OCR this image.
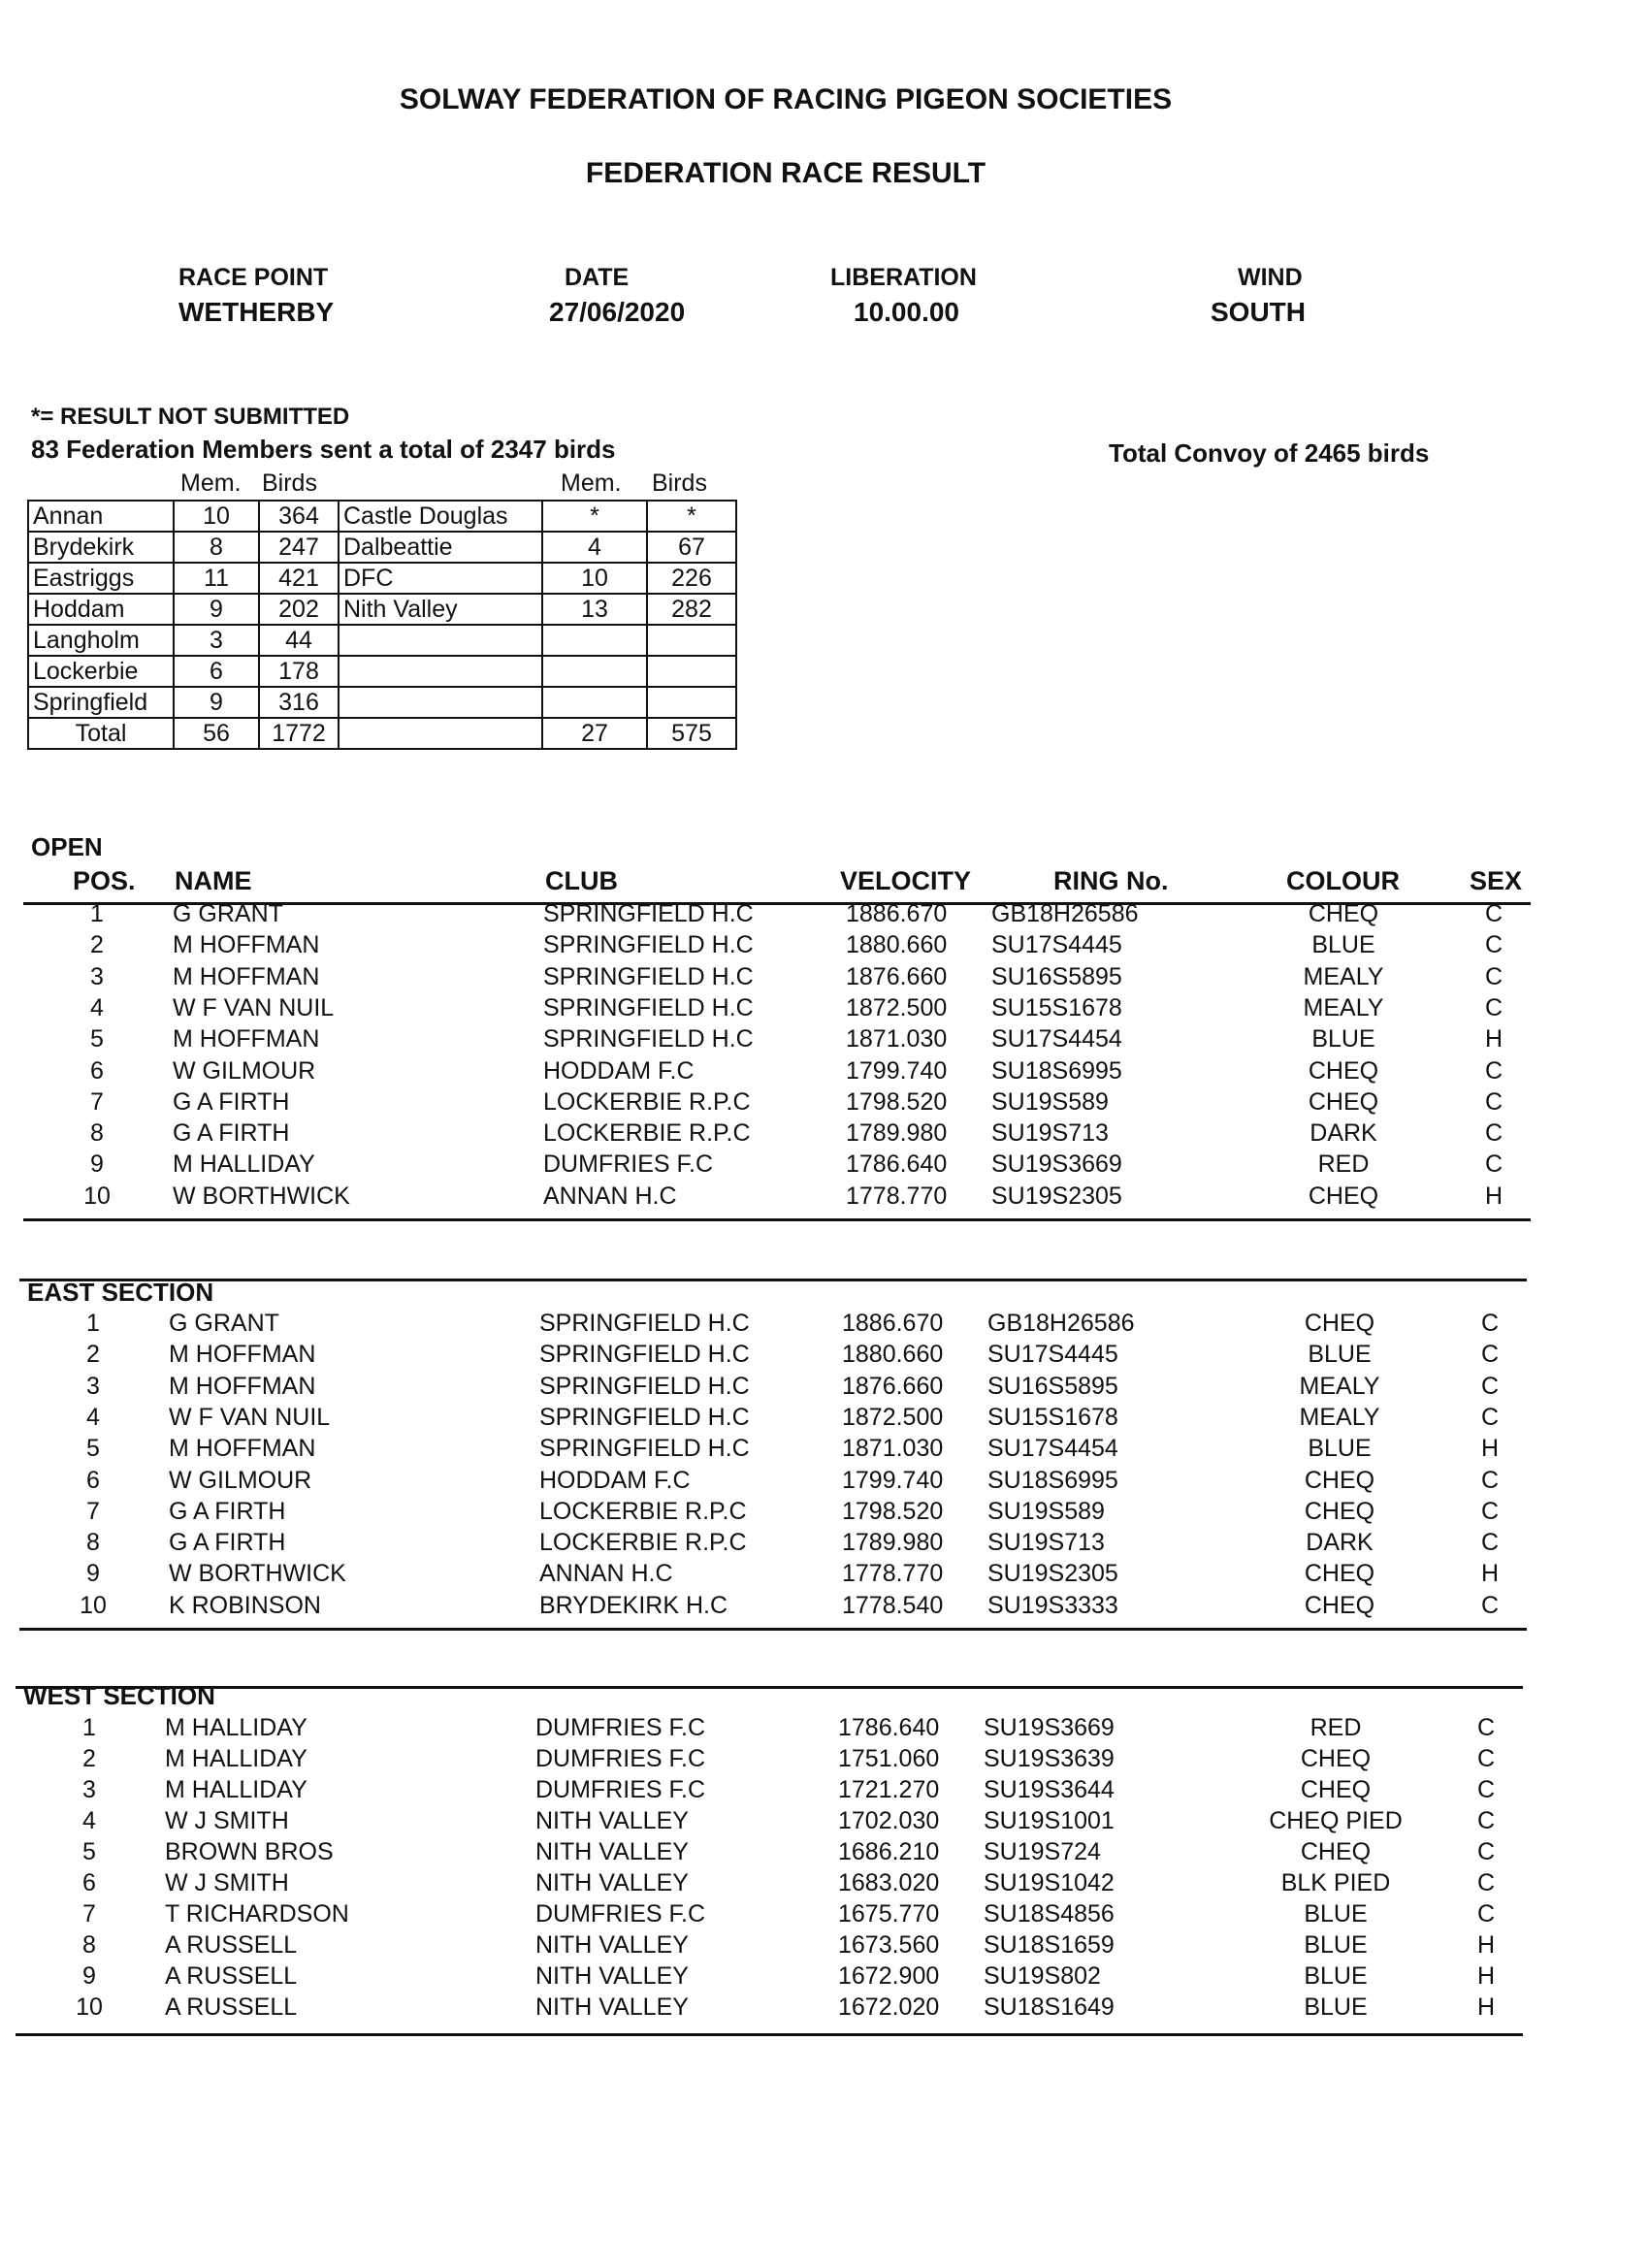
SOLWAY FEDERATION OF RACING PIGEON SOCIETIES
FEDERATION RACE RESULT
RACE POINT
WETHERBY
DATE
27/06/2020
LIBERATION
10.00.00
WIND
SOUTH
*= RESULT NOT SUBMITTED
83 Federation Members sent a total of 2347 birds	Total Convoy of 2465 birds
Mem. Birds	Mem. Birds
Annan	10	364	Castle Douglas	*	*
Brydekirk	8	247	Dalbeattie	4	67
Eastriggs	11	421	DFC	10	226
Hoddam	9	202	Nith Valley	13	282
Langholm	3	44			
Lockerbie	6	178			
Springfield	9	316			
Total	56	1772		27	575
OPEN
POS. NAME	CLUB	VELOCITY	RING No.	COLOUR	SEX
1	G GRANT	SPRINGFIELD H.C	1886.670 GB18H26586	CHEQ	C
2	M HOFFMAN	SPRINGFIELD H.C	1880.660 SU17S4445	BLUE	C
3	M HOFFMAN	SPRINGFIELD H.C	1876.660 SU16S5895	MEALY	C
4	W F VAN NUIL	SPRINGFIELD H.C	1872.500 SU15S1678	MEALY	C
5	M HOFFMAN	SPRINGFIELD H.C	1871.030 SU17S4454	BLUE	H
6	W GILMOUR	HODDAM F.C	1799.740 SU18S6995	CHEQ	C
7	G A FIRTH	LOCKERBIE R.P.C	1798.520 SU19S589	CHEQ	C
8	G A FIRTH	LOCKERBIE R.P.C	1789.980 SU19S713	DARK	C
9	M HALLIDAY	DUMFRIES F.C	1786.640 SU19S3669	RED	C
10	W BORTHWICK	ANNAN H.C	1778.770 SU19S2305	CHEQ	H
EAST SECTION
1	G GRANT	SPRINGFIELD H.C	1886.670 GB18H26586	CHEQ	C
2	M HOFFMAN	SPRINGFIELD H.C	1880.660 SU17S4445	BLUE	C
3	M HOFFMAN	SPRINGFIELD H.C	1876.660 SU16S5895	MEALY	C
4	W F VAN NUIL	SPRINGFIELD H.C	1872.500 SU15S1678	MEALY	C
5	M HOFFMAN	SPRINGFIELD H.C	1871.030 SU17S4454	BLUE	H
6	W GILMOUR	HODDAM F.C	1799.740 SU18S6995	CHEQ	C
7	G A FIRTH	LOCKERBIE R.P.C	1798.520 SU19S589	CHEQ	C
8	G A FIRTH	LOCKERBIE R.P.C	1789.980 SU19S713	DARK	C
9	W BORTHWICK	ANNAN H.C	1778.770 SU19S2305	CHEQ	H
10	K ROBINSON	BRYDEKIRK H.C	1778.540 SU19S3333	CHEQ	C
WEST SECTION
1	M HALLIDAY	DUMFRIES F.C	1786.640 SU19S3669	RED	C
2	M HALLIDAY	DUMFRIES F.C	1751.060 SU19S3639	CHEQ	C
3	M HALLIDAY	DUMFRIES F.C	1721.270 SU19S3644	CHEQ	C
4	W J SMITH	NITH VALLEY	1702.030 SU19S1001	CHEQ PIED	C
5	BROWN BROS	NITH VALLEY	1686.210 SU19S724	CHEQ	C
6	W J SMITH	NITH VALLEY	1683.020 SU19S1042	BLK PIED	C
7	T RICHARDSON	DUMFRIES F.C	1675.770 SU18S4856	BLUE	C
8	A RUSSELL	NITH VALLEY	1673.560 SU18S1659	BLUE	H
9	A RUSSELL	NITH VALLEY	1672.900 SU19S802	BLUE	H
10	A RUSSELL	NITH VALLEY	1672.020 SU18S1649	BLUE	H
